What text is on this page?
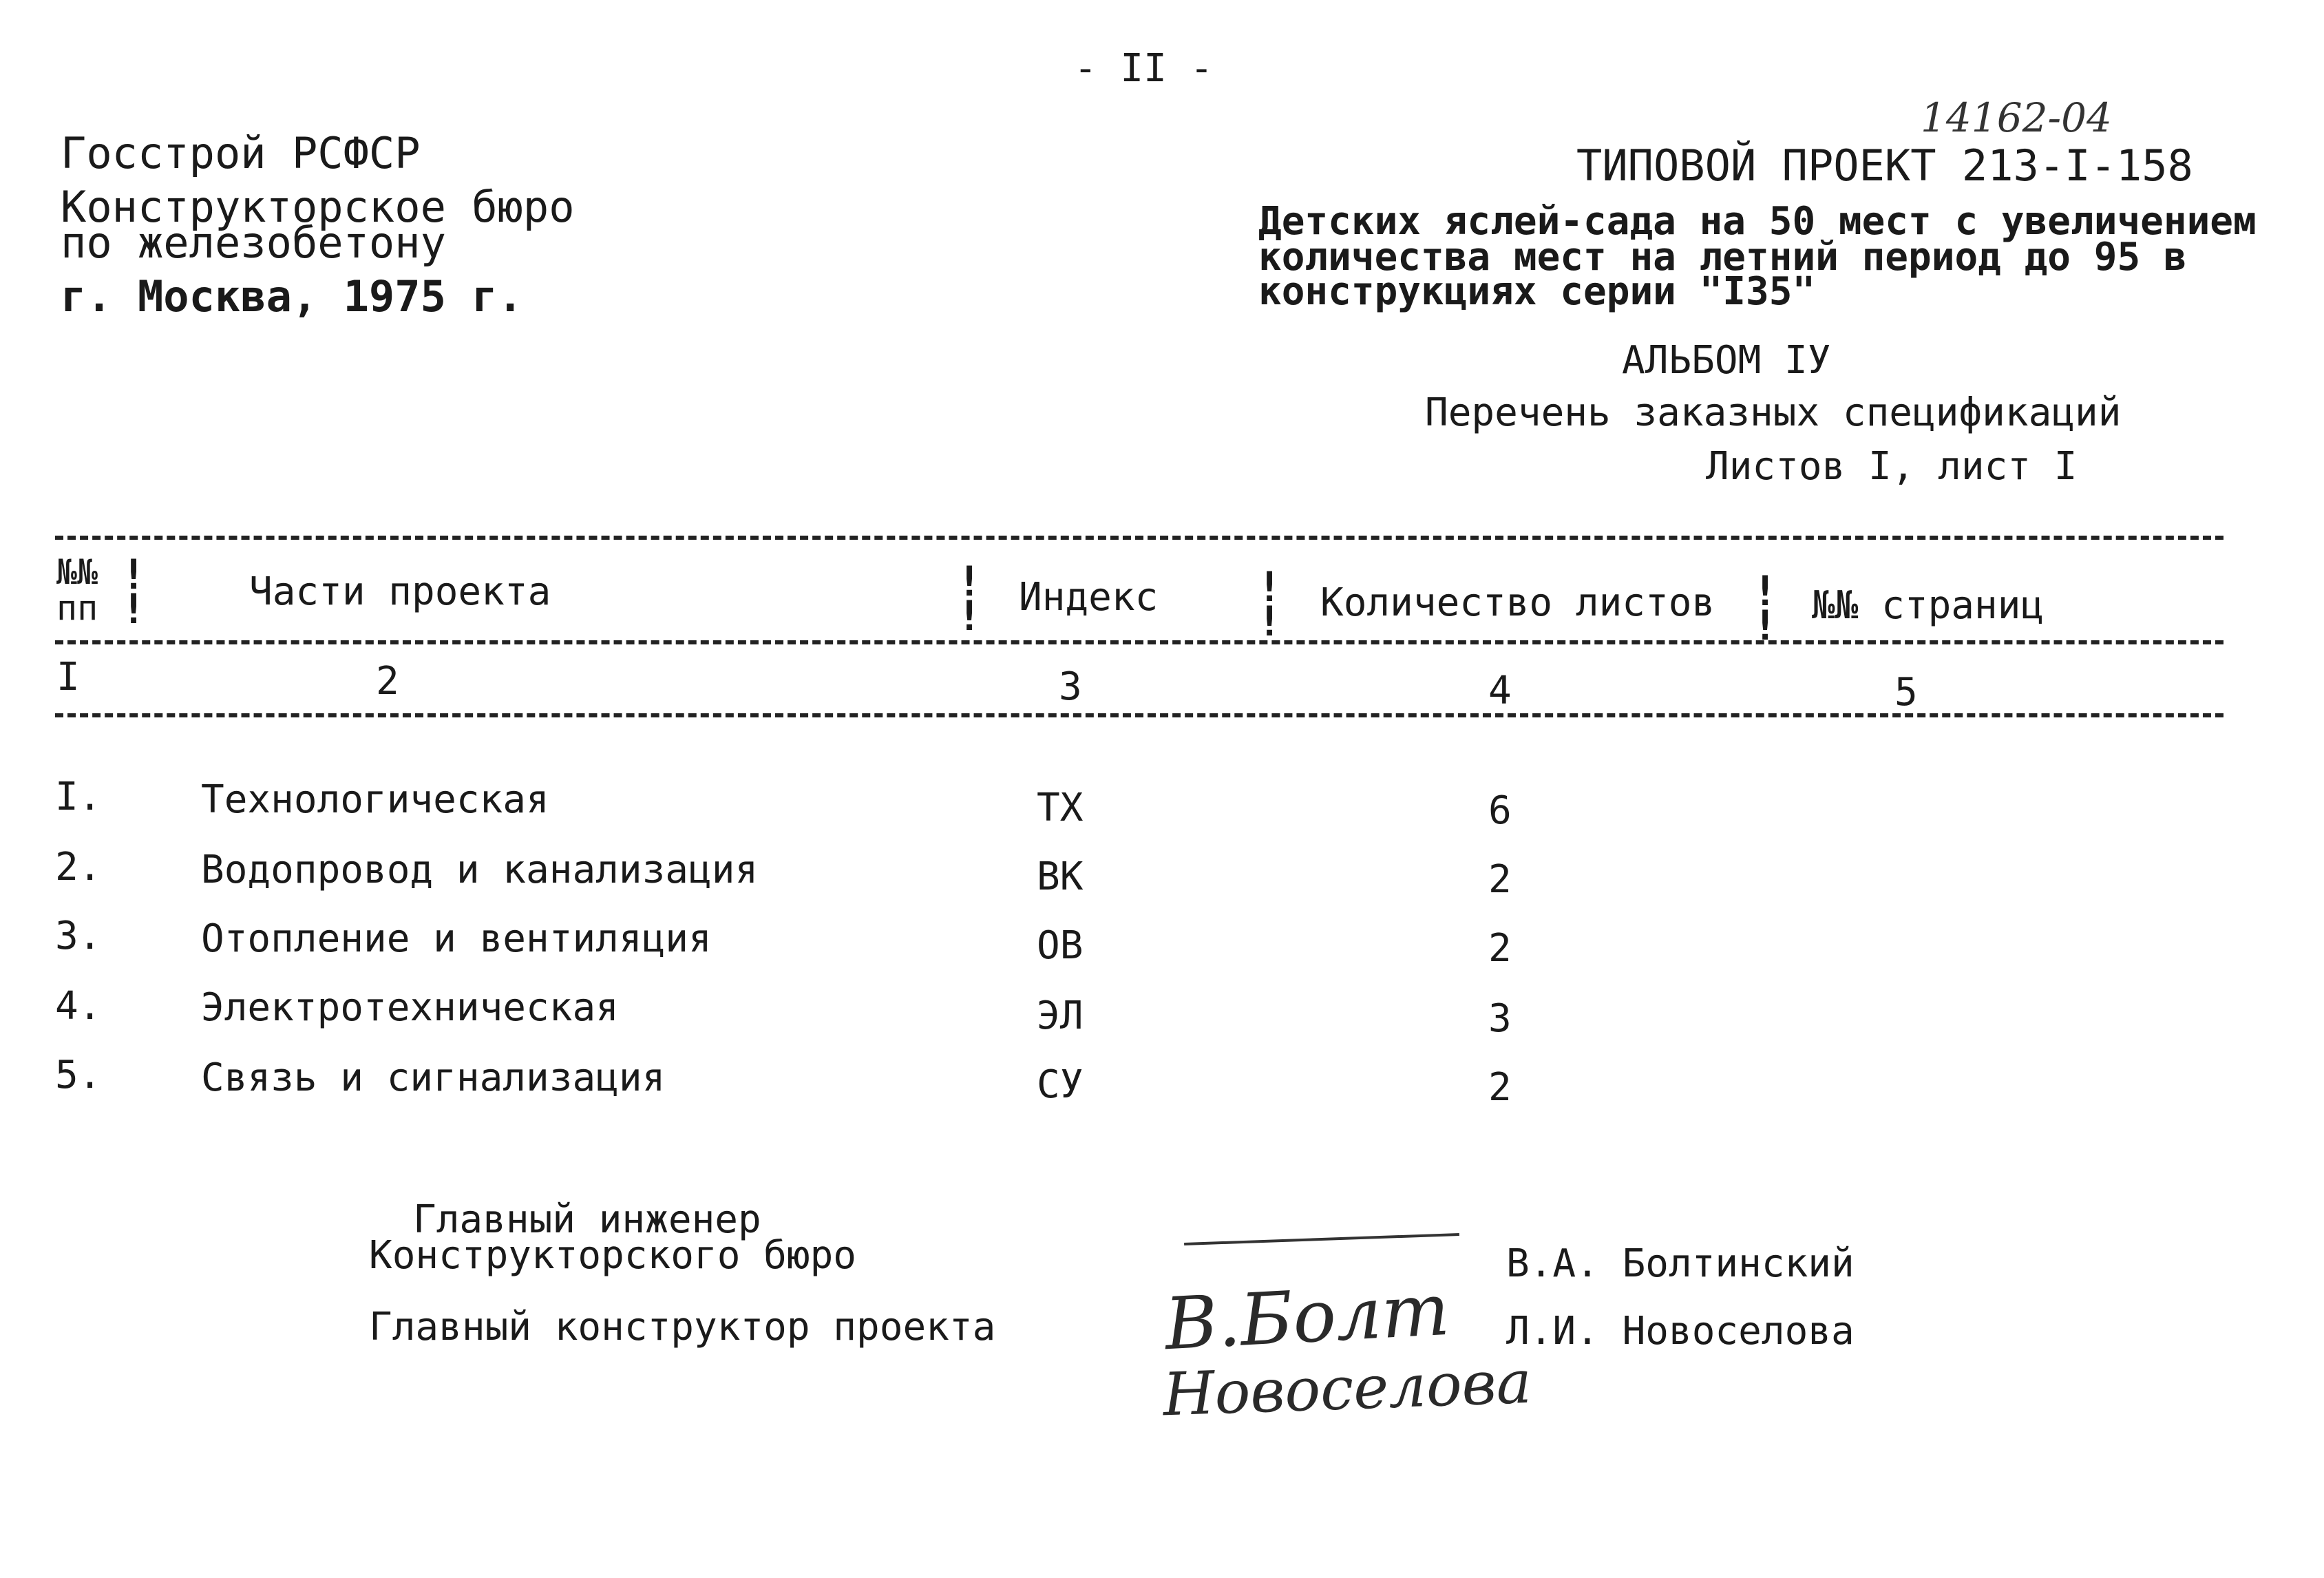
- II -
14162-04
Госстрой РСФСР
Конструкторское бюро
по железобетону
г. Москва, 1975 г.
ТИПОВОЙ ПРОЕКТ 213-I-158
Детских яслей-сада на 50 мест с увеличением
количества мест на летний период до 95 в
конструкциях серии "I35"
АЛЬБОМ IУ
Перечень заказных спецификаций
Листов I, лист I
!
!
!
!
!
!
!
!
№№
пп	Части проекта	Индекс	Количество листов	№№ страниц
I	2	3	4	5
I.	Технологическая	ТХ	6
2.	Водопровод и канализация	ВК	2
3.	Отопление и вентиляция	ОВ	2
4.	Электротехническая	ЭЛ	3
5.	Связь и сигнализация	СУ	2
Главный инженер
Конструкторского бюро
Главный конструктор проекта	В.Болт

Новоселова

В.А. Болтинский
Л.И. Новоселова
